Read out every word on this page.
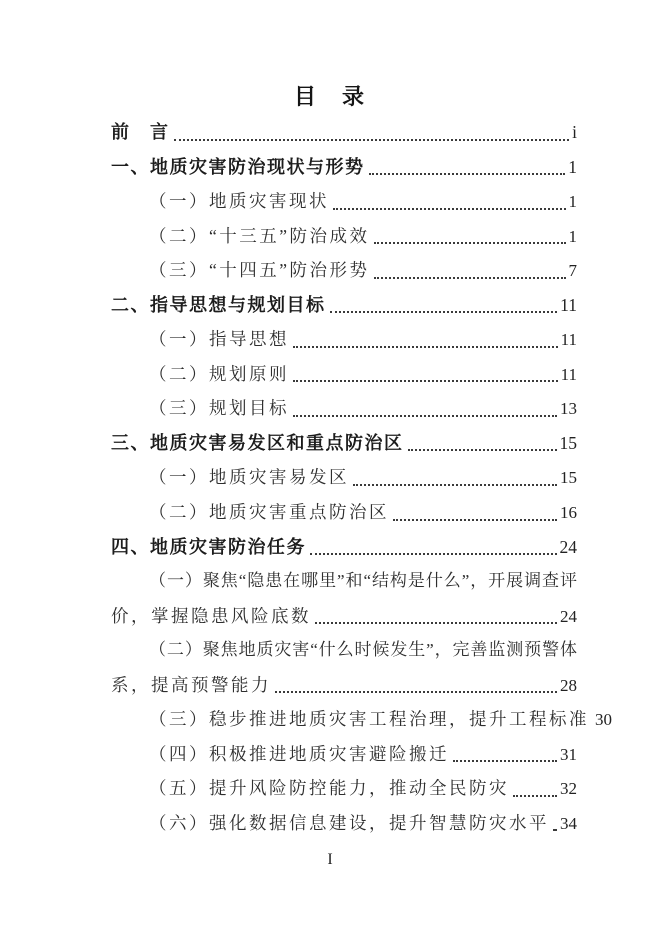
目　录
前　言	i
一、地质灾害防治现状与形势	1
（一）地质灾害现状	1
（二）“十三五”防治成效	1
（三）“十四五”防治形势	7
二、指导思想与规划目标	11
（一）指导思想	11
（二）规划原则	11
（三）规划目标	13
三、地质灾害易发区和重点防治区	15
（一）地质灾害易发区	15
（二）地质灾害重点防治区	16
四、地质灾害防治任务	24
（一）聚焦“隐患在哪里”和“结构是什么”，开展调查评
价，掌握隐患风险底数	24
（二）聚焦地质灾害“什么时候发生”，完善监测预警体
系，提高预警能力	28
（三）稳步推进地质灾害工程治理，提升工程标准 30
（四）积极推进地质灾害避险搬迁	31
（五）提升风险防控能力，推动全民防灾	32
（六）强化数据信息建设，提升智慧防灾水平 34
I
